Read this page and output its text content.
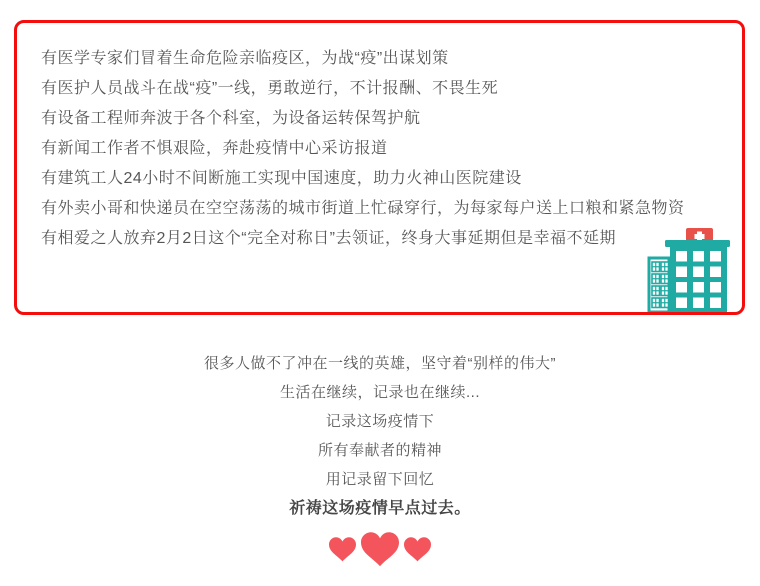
有医学专家们冒着生命危险亲临疫区，为战“疫”出谋划策

有医护人员战斗在战“疫”一线，勇敢逆行，不计报酬、不畏生死

有设备工程师奔波于各个科室，为设备运转保驾护航

有新闻工作者不惧艰险，奔赴疫情中心采访报道

有建筑工人24小时不间断施工实现中国速度，助力火神山医院建设

有外卖小哥和快递员在空空荡荡的城市街道上忙碌穿行，为每家每户送上口粮和紧急物资

有相爱之人放弃2月2日这个“完全对称日”去领证，终身大事延期但是幸福不延期

很多人做不了冲在一线的英雄，坚守着“别样的伟大”

生活在继续，记录也在继续...

记录这场疫情下

所有奉献者的精神

用记录留下回忆

祈祷这场疫情早点过去。
